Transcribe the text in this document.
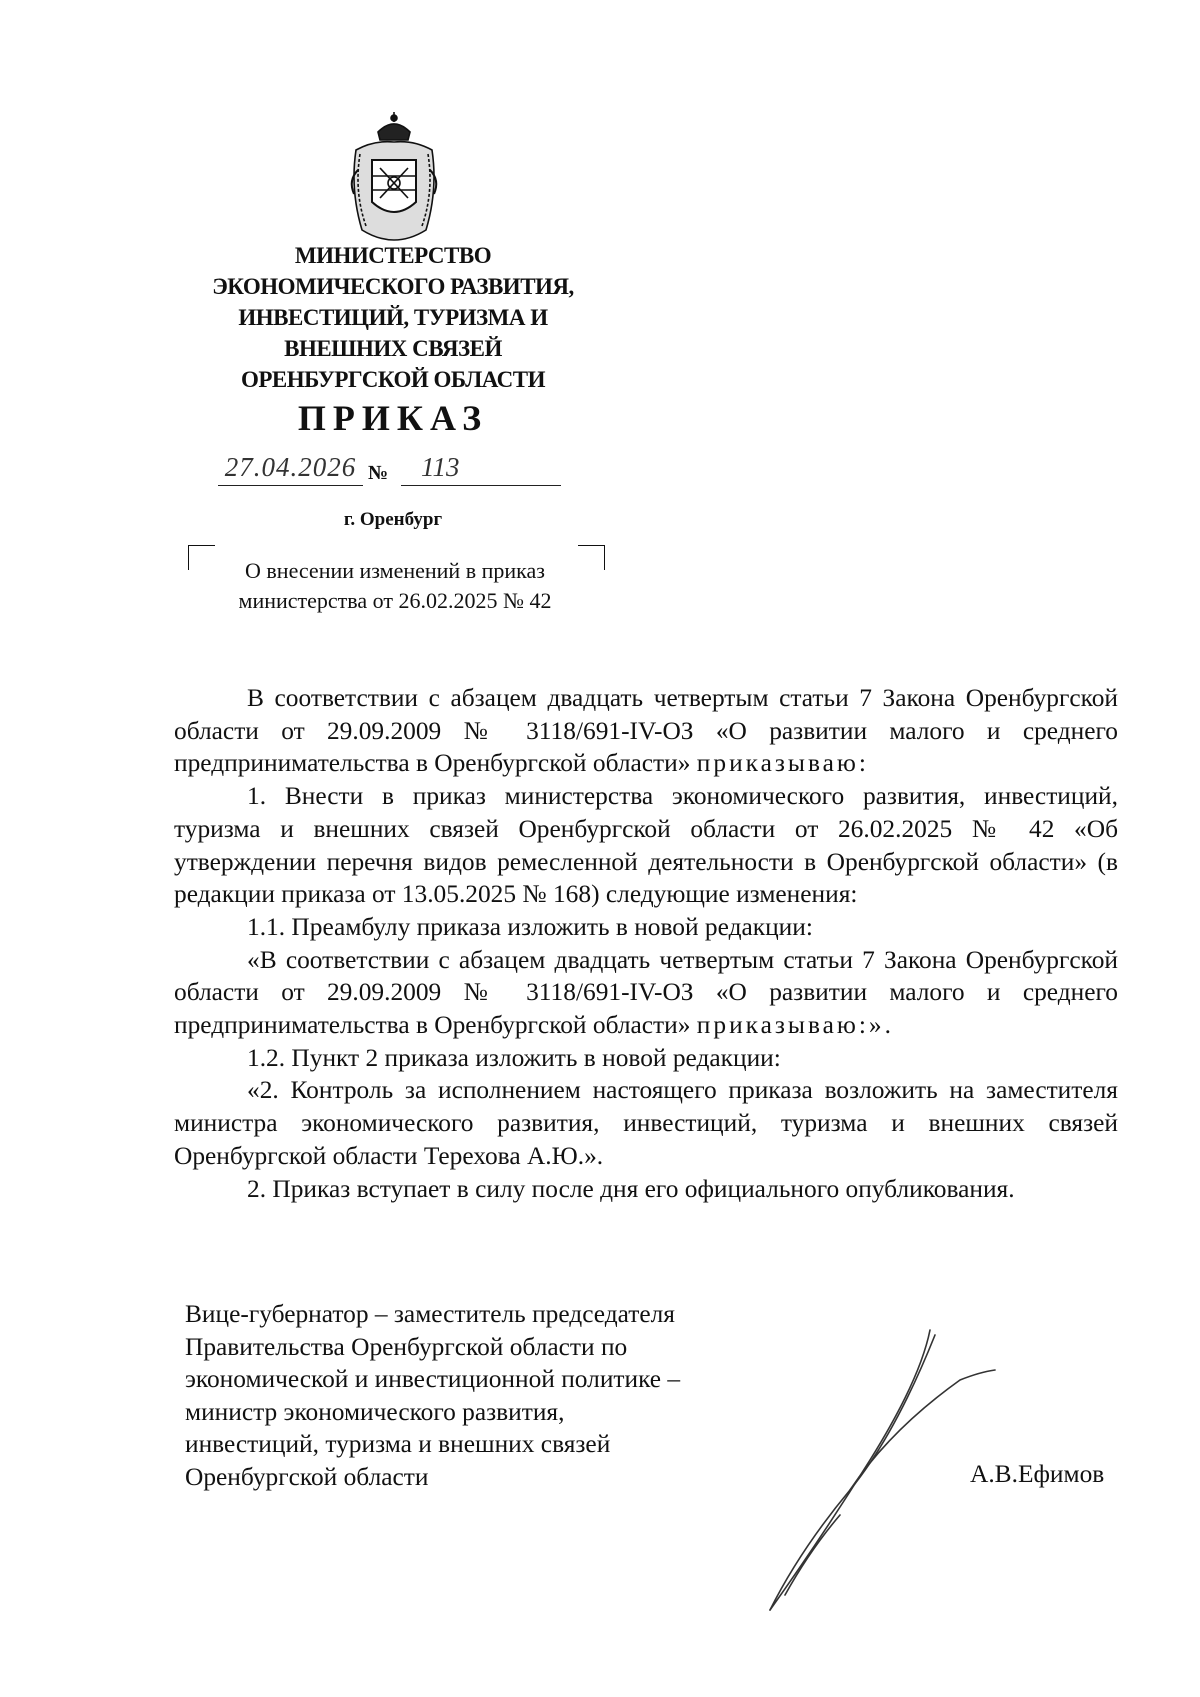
МИНИСТЕРСТВО
ЭКОНОМИЧЕСКОГО РАЗВИТИЯ,
ИНВЕСТИЦИЙ, ТУРИЗМА И
ВНЕШНИХ СВЯЗЕЙ
ОРЕНБУРГСКОЙ ОБЛАСТИ
ПРИКАЗ
27.04.2026 №	113
г. Оренбург
О внесении изменений в приказ
министерства от 26.02.2025 № 42

В соответствии с абзацем двадцать четвертым статьи 7 Закона Оренбургской области от 29.09.2009 № 3118/691-IV-ОЗ «О развитии малого и среднего предпринимательства в Оренбургской области» приказываю:

1. Внести в приказ министерства экономического развития, инвестиций, туризма и внешних связей Оренбургской области от 26.02.2025 № 42 «Об утверждении перечня видов ремесленной деятельности в Оренбургской области» (в редакции приказа от 13.05.2025 № 168) следующие изменения:

1.1. Преамбулу приказа изложить в новой редакции:

«В соответствии с абзацем двадцать четвертым статьи 7 Закона Оренбургской области от 29.09.2009 № 3118/691-IV-ОЗ «О развитии малого и среднего предпринимательства в Оренбургской области» приказываю:».

1.2. Пункт 2 приказа изложить в новой редакции:

«2. Контроль за исполнением настоящего приказа возложить на заместителя министра экономического развития, инвестиций, туризма и внешних связей Оренбургской области Терехова А.Ю.».

2. Приказ вступает в силу после дня его официального опубликования.

Вице-губернатор – заместитель председателя
Правительства Оренбургской области по
экономической и инвестиционной политике –
министр экономического развития,
инвестиций, туризма и внешних связей
Оренбургской области	А.В.Ефимов
